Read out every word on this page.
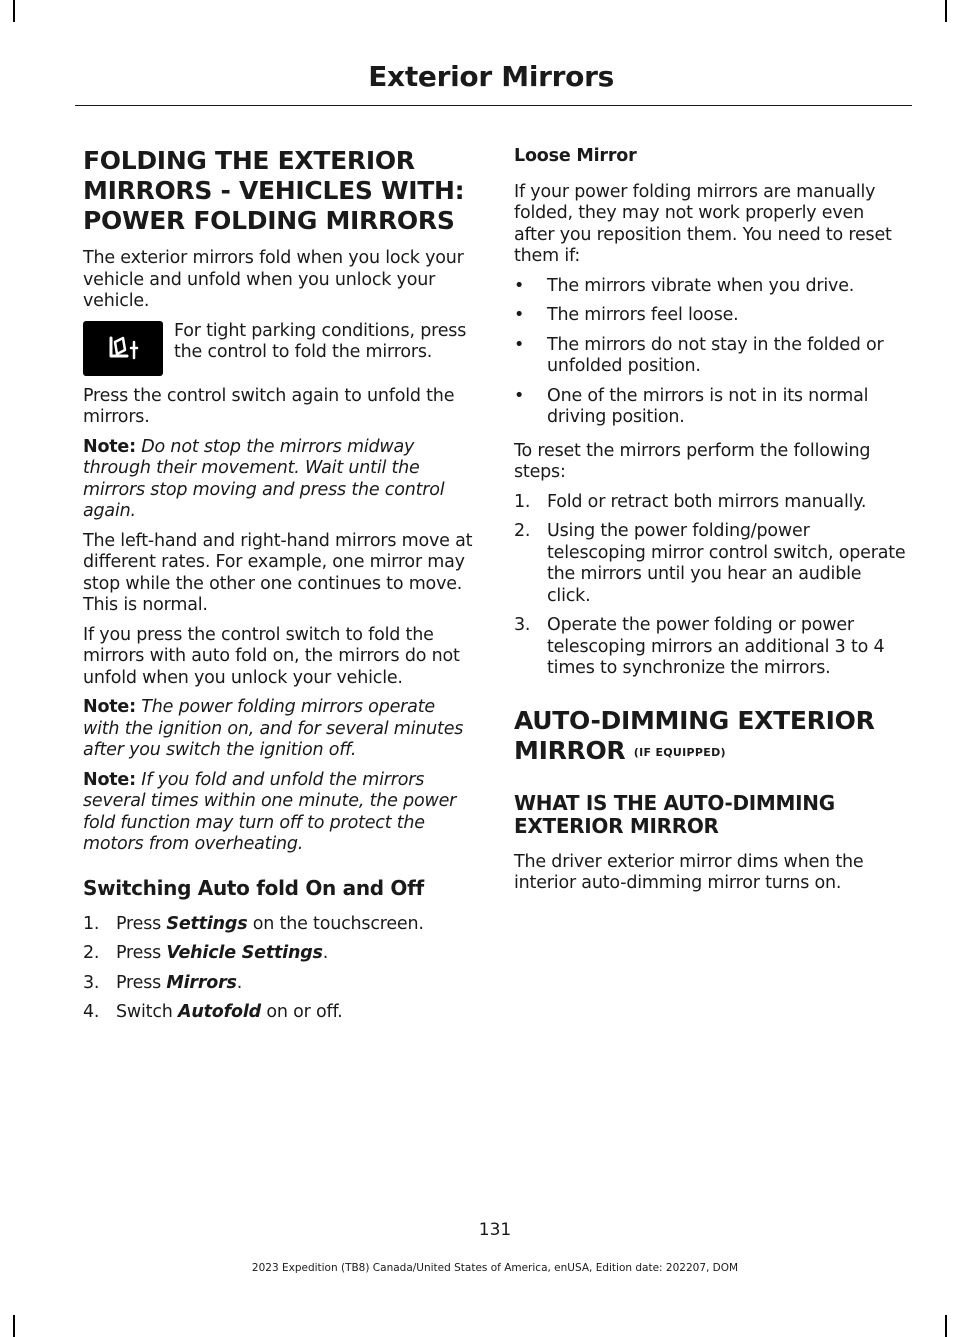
Exterior Mirrors
FOLDING THE EXTERIOR MIRRORS - VEHICLES WITH: POWER FOLDING MIRRORS

The exterior mirrors fold when you lock your vehicle and unfold when you unlock your vehicle.

For tight parking conditions, press the control to fold the mirrors.

Press the control switch again to unfold the mirrors.

Note: Do not stop the mirrors midway through their movement. Wait until the mirrors stop moving and press the control again.

The left-hand and right-hand mirrors move at different rates. For example, one mirror may stop while the other one continues to move. This is normal.

If you press the control switch to fold the mirrors with auto fold on, the mirrors do not unfold when you unlock your vehicle.

Note: The power folding mirrors operate with the ignition on, and for several minutes after you switch the ignition off.

Note: If you fold and unfold the mirrors several times within one minute, the power fold function may turn off to protect the motors from overheating.

Switching Auto fold On and Off
1. Press Settings on the touchscreen.
2. Press Vehicle Settings.
3. Press Mirrors.
4. Switch Autofold on or off.
Loose Mirror

If your power folding mirrors are manually folded, they may not work properly even after you reposition them. You need to reset them if:

•	The mirrors vibrate when you drive.
•	The mirrors feel loose.
•	The mirrors do not stay in the folded or unfolded position.
•	One of the mirrors is not in its normal driving position.

To reset the mirrors perform the following steps:

1. Fold or retract both mirrors manually.
2. Using the power folding/power telescoping mirror control switch, operate the mirrors until you hear an audible click.
3. Operate the power folding or power telescoping mirrors an additional 3 to 4 times to synchronize the mirrors.
AUTO-DIMMING EXTERIOR MIRROR (IF EQUIPPED)
WHAT IS THE AUTO-DIMMING EXTERIOR MIRROR

The driver exterior mirror dims when the interior auto-dimming mirror turns on.

131
2023 Expedition (TB8) Canada/United States of America, enUSA, Edition date: 202207, DOM
